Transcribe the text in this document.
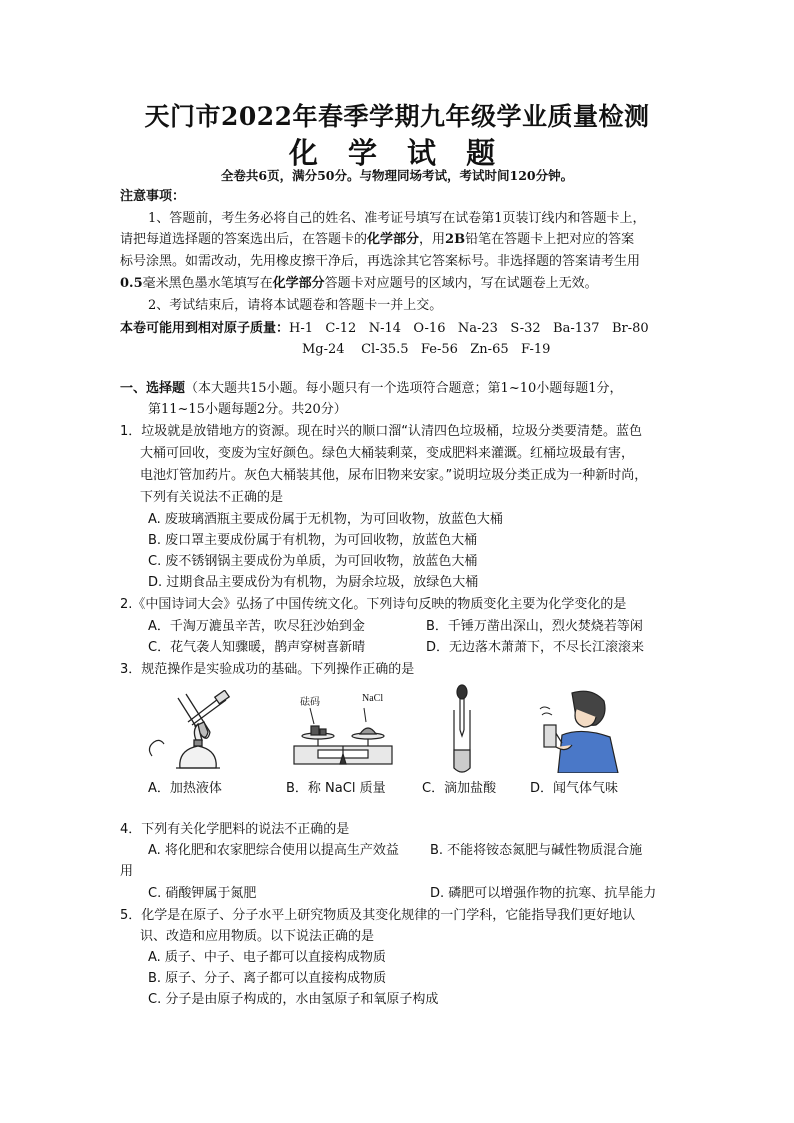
天门市2022年春季学期九年级学业质量检测
化 学 试 题
全卷共6页，满分50分。与物理同场考试，考试时间120分钟。
注意事项：
1、答题前，考生务必将自己的姓名、准考证号填写在试卷第1页装订线内和答题卡上，
请把每道选择题的答案选出后，在答题卡的化学部分，用2B铅笔在答题卡上把对应的答案
标号涂黑。如需改动，先用橡皮擦干净后，再选涂其它答案标号。非选择题的答案请考生用
0.5毫米黑色墨水笔填写在化学部分答题卡对应题号的区域内，写在试题卷上无效。
2、考试结束后，请将本试题卷和答题卡一并上交。
本卷可能用到相对原子质量：H-1   C-12   N-14   O-16   Na-23   S-32   Ba-137   Br-80
Mg-24    Cl-35.5   Fe-56   Zn-65   F-19
一、选择题（本大题共15小题。每小题只有一个选项符合题意；第1~10小题每题1分，
第11~15小题每题2分。共20分）
1．垃圾就是放错地方的资源。现在时兴的顺口溜“认清四色垃圾桶，垃圾分类要清楚。蓝色
大桶可回收，变废为宝好颜色。绿色大桶装剩菜，变成肥料来灌溉。红桶垃圾最有害，
电池灯管加药片。灰色大桶装其他，尿布旧物来安家。”说明垃圾分类正成为一种新时尚，
下列有关说法不正确的是
A. 废玻璃酒瓶主要成份属于无机物，为可回收物，放蓝色大桶
B. 废口罩主要成份属于有机物，为可回收物，放蓝色大桶
C. 废不锈钢锅主要成份为单质，为可回收物，放蓝色大桶
D. 过期食品主要成份为有机物，为厨余垃圾，放绿色大桶
2.《中国诗词大会》弘扬了中国传统文化。下列诗句反映的物质变化主要为化学变化的是
A．千淘万漉虽辛苦，吹尽狂沙始到金	B．千锤万凿出深山，烈火焚烧若等闲
C．花气袭人知骤暖，鹊声穿树喜新晴	D．无边落木萧萧下，不尽长江滚滚来
3．规范操作是实验成功的基础。下列操作正确的是
砝码	NaCl
A．加热液体	B．称 NaCl 质量	C．滴加盐酸	D．闻气体气味
4．下列有关化学肥料的说法不正确的是
A. 将化肥和农家肥综合使用以提高生产效益 B. 不能将铵态氮肥与碱性物质混合施
用
C. 硝酸钾属于氮肥	D. 磷肥可以增强作物的抗寒、抗旱能力
5．化学是在原子、分子水平上研究物质及其变化规律的一门学科，它能指导我们更好地认
识、改造和应用物质。以下说法正确的是
A. 质子、中子、电子都可以直接构成物质
B. 原子、分子、离子都可以直接构成物质
C. 分子是由原子构成的，水由氢原子和氧原子构成
